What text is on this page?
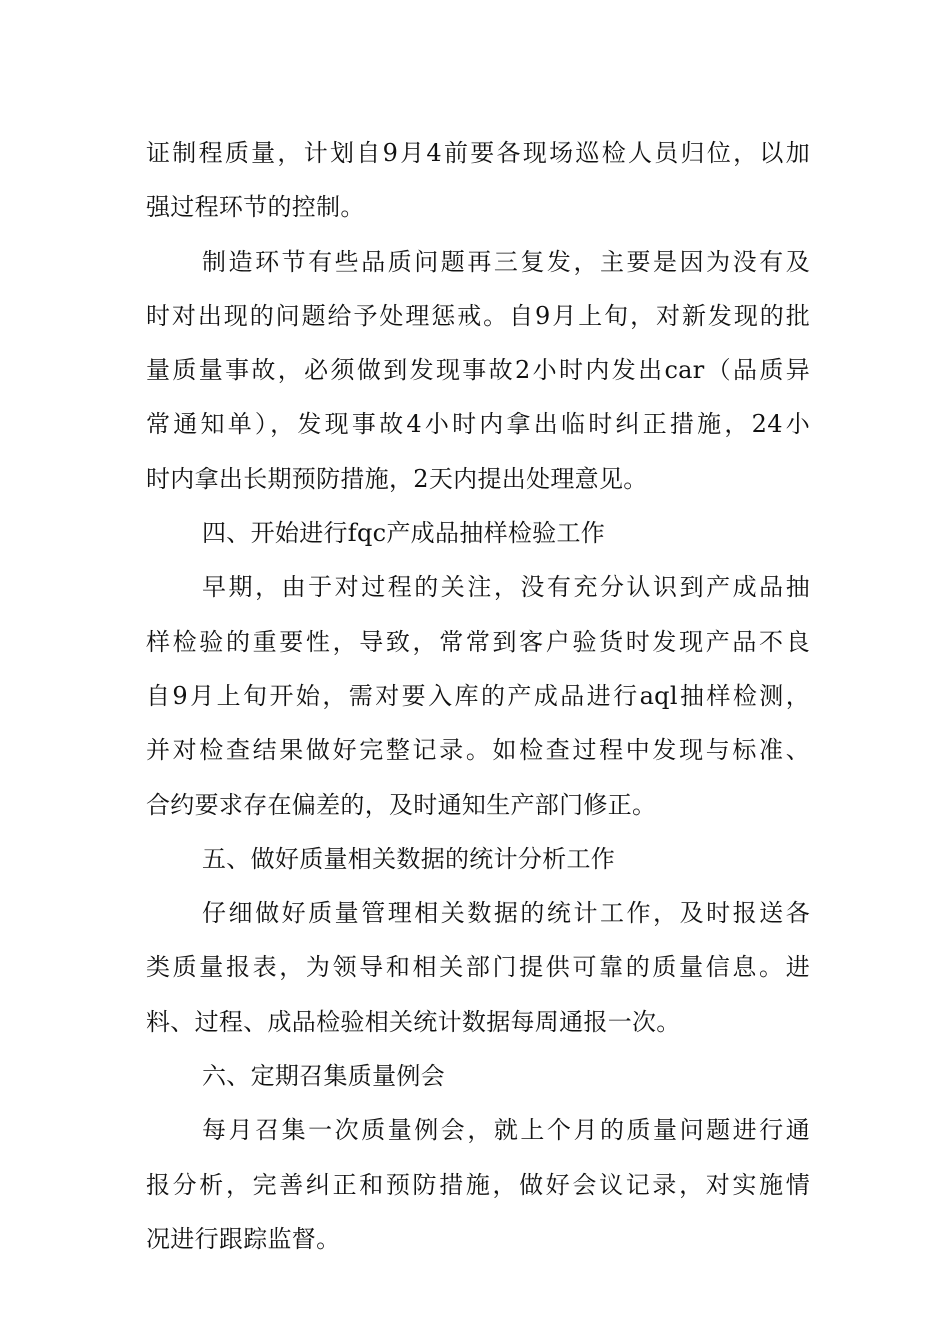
证制程质量，计划自9月4前要各现场巡检人员归位，以加
强过程环节的控制。
制造环节有些品质问题再三复发，主要是因为没有及
时对出现的问题给予处理惩戒。自9月上旬，对新发现的批
量质量事故，必须做到发现事故2小时内发出car（品质异
常通知单），发现事故4小时内拿出临时纠正措施，24小
时内拿出长期预防措施，2天内提出处理意见。
四、开始进行fqc产成品抽样检验工作
早期，由于对过程的关注，没有充分认识到产成品抽
样检验的重要性，导致，常常到客户验货时发现产品不良
自9月上旬开始，需对要入库的产成品进行aql抽样检测，
并对检查结果做好完整记录。如检查过程中发现与标准、
合约要求存在偏差的，及时通知生产部门修正。
五、做好质量相关数据的统计分析工作
仔细做好质量管理相关数据的统计工作，及时报送各
类质量报表，为领导和相关部门提供可靠的质量信息。进
料、过程、成品检验相关统计数据每周通报一次。
六、定期召集质量例会
每月召集一次质量例会，就上个月的质量问题进行通
报分析，完善纠正和预防措施，做好会议记录，对实施情
况进行跟踪监督。
